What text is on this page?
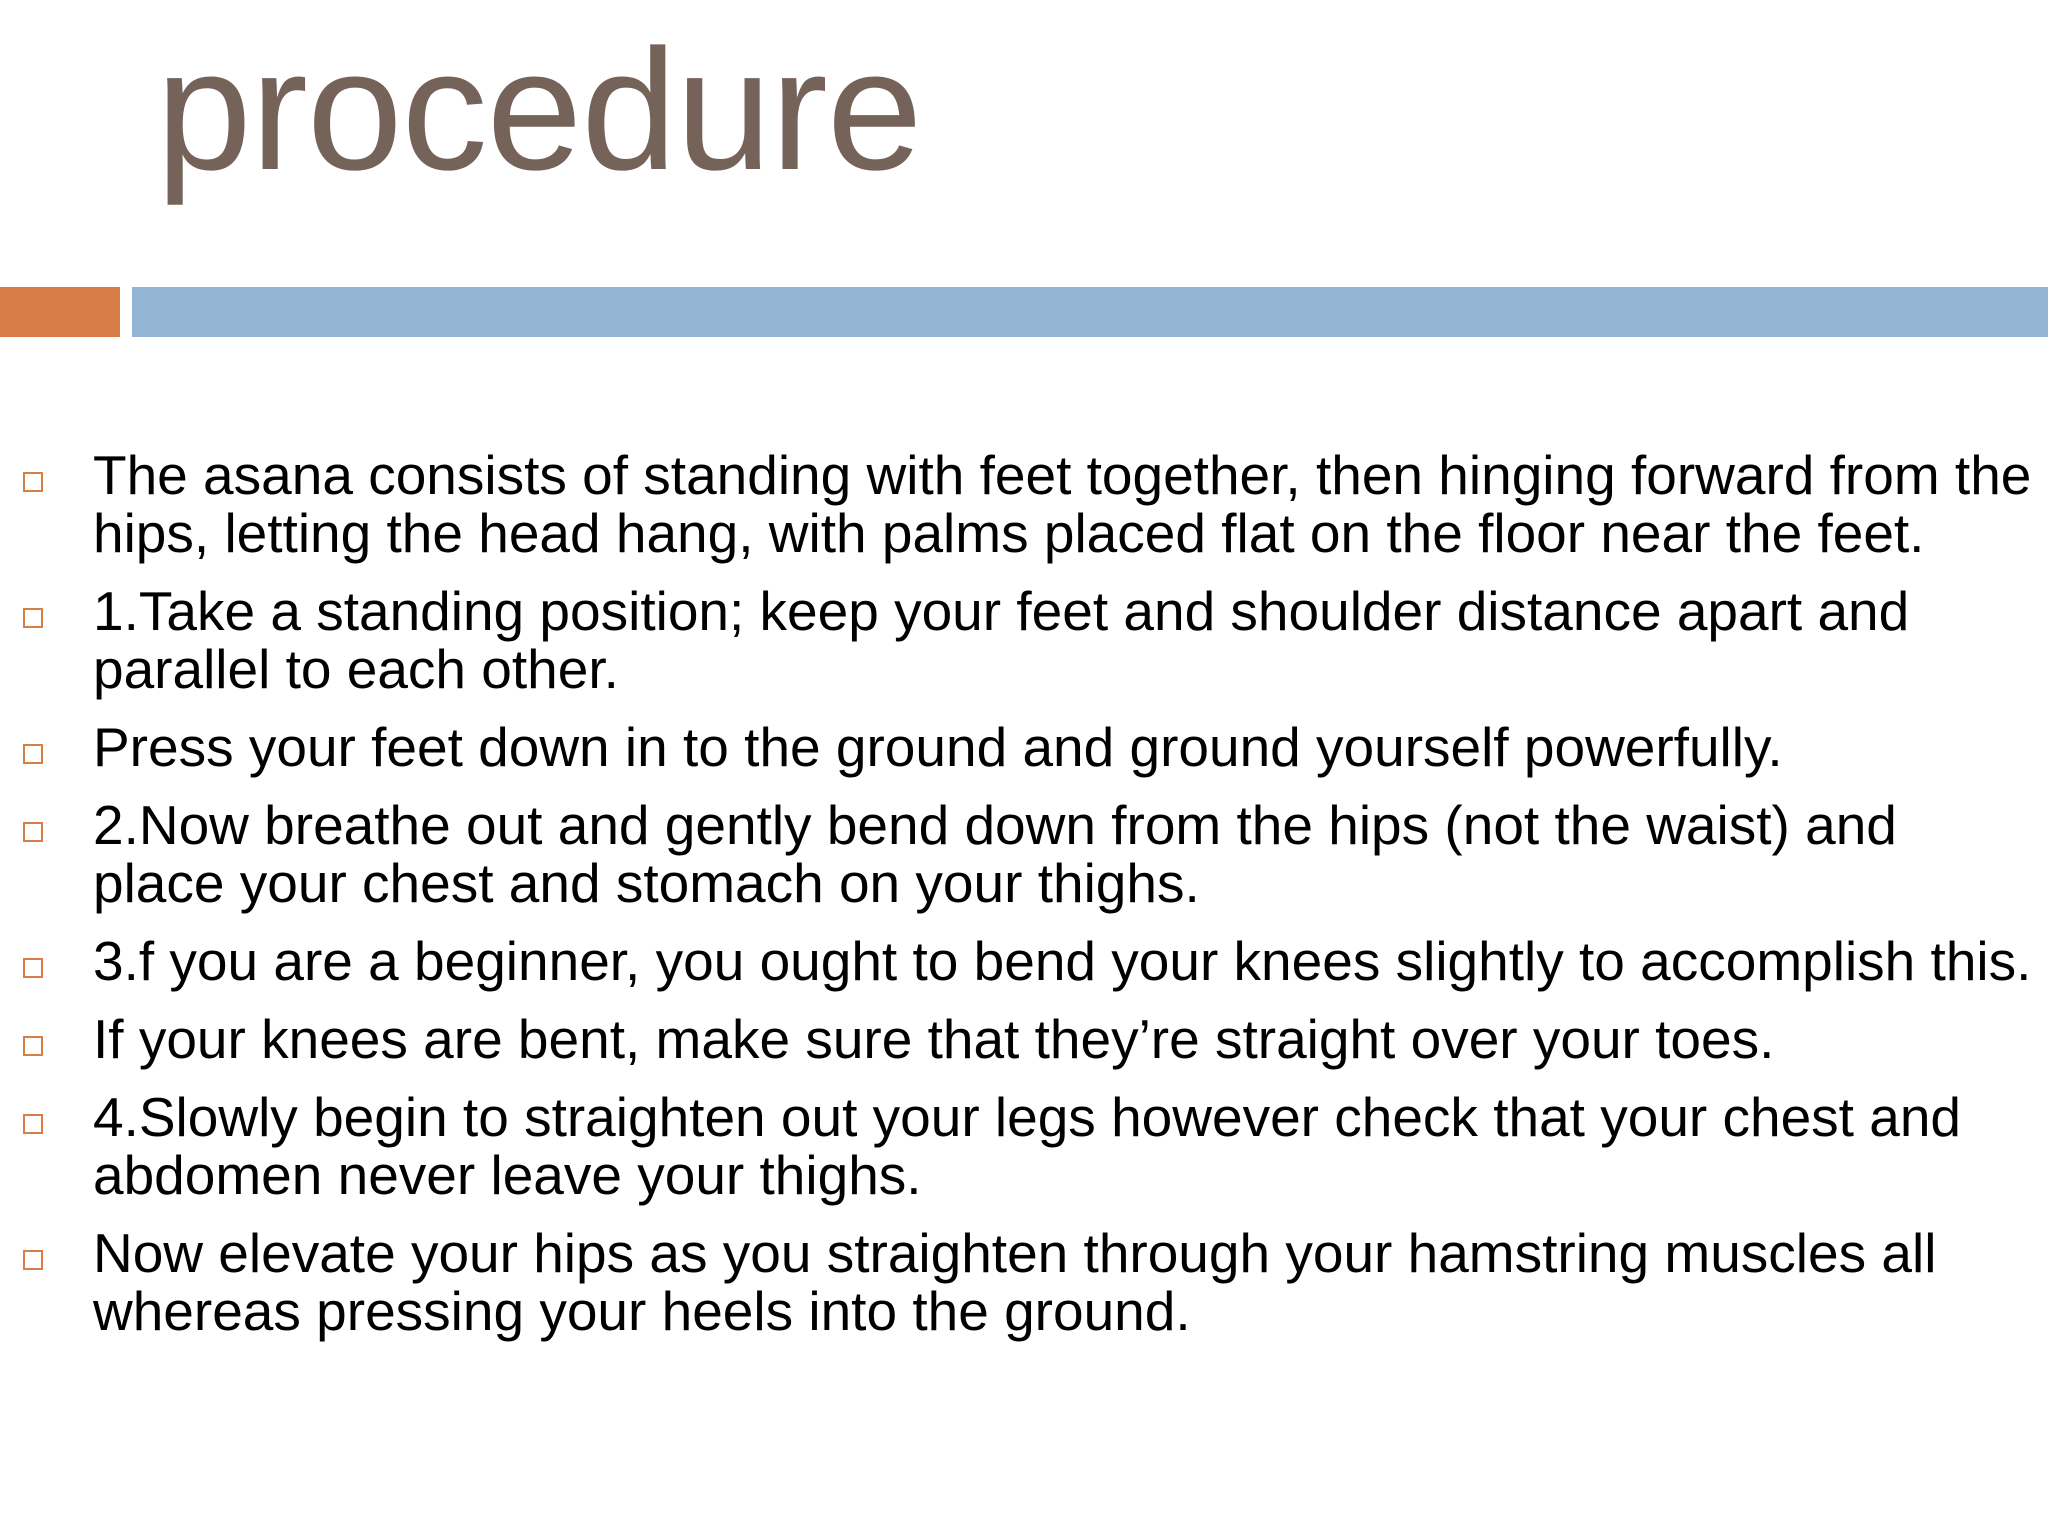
procedure
The asana consists of standing with feet together, then hinging forward from the hips, letting the head hang, with palms placed flat on the floor near the feet.
1.Take a standing position; keep your feet and shoulder distance apart and parallel to each other.
Press your feet down in to the ground and ground yourself powerfully.
2.Now breathe out and gently bend down from the hips (not the waist) and place your chest and stomach on your thighs.
3.f you are a beginner, you ought to bend your knees slightly to accomplish this.
If your knees are bent, make sure that they’re straight over your toes.
4.Slowly begin to straighten out your legs however check that your chest and abdomen never leave your thighs.
Now elevate your hips as you straighten through your hamstring muscles all whereas pressing your heels into the ground.
